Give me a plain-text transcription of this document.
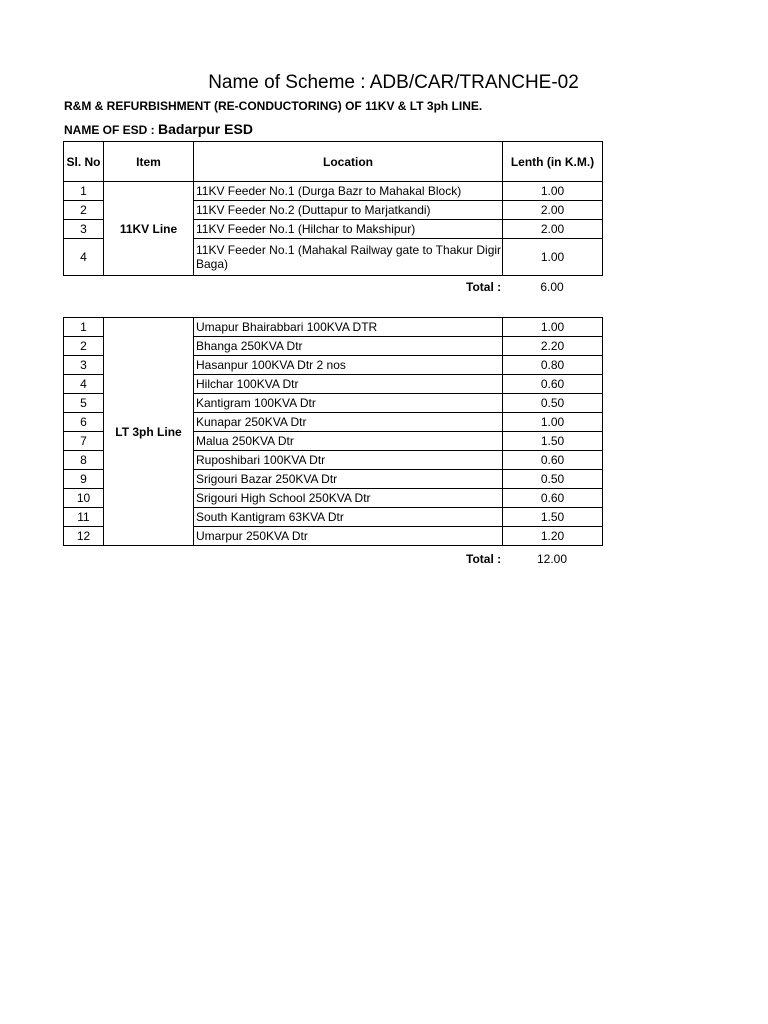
Name of Scheme : ADB/CAR/TRANCHE-02
R&M & REFURBISHMENT (RE-CONDUCTORING) OF 11KV & LT 3ph LINE.
NAME OF ESD : Badarpur ESD
Sl. No	Item	Location	Lenth (in K.M.)
1	11KV Line	11KV Feeder No.1 (Durga Bazr to Mahakal Block)	1.00
2		11KV Feeder No.2 (Duttapur to Marjatkandi)	2.00
3		11KV Feeder No.1 (Hilchar to Makshipur)	2.00
4		11KV Feeder No.1 (Mahakal Railway gate to Thakur Digir Baga)	1.00
Total :	6.00
1	LT 3ph Line	Umapur Bhairabbari 100KVA DTR	1.00
2		Bhanga 250KVA Dtr	2.20
3		Hasanpur 100KVA Dtr 2 nos	0.80
4		Hilchar 100KVA Dtr	0.60
5		Kantigram 100KVA Dtr	0.50
6		Kunapar 250KVA Dtr	1.00
7		Malua 250KVA Dtr	1.50
8		Ruposhibari 100KVA Dtr	0.60
9		Srigouri Bazar 250KVA Dtr	0.50
10		Srigouri High School 250KVA Dtr	0.60
11		South Kantigram 63KVA Dtr	1.50
12		Umarpur 250KVA Dtr	1.20
Total :	12.00
